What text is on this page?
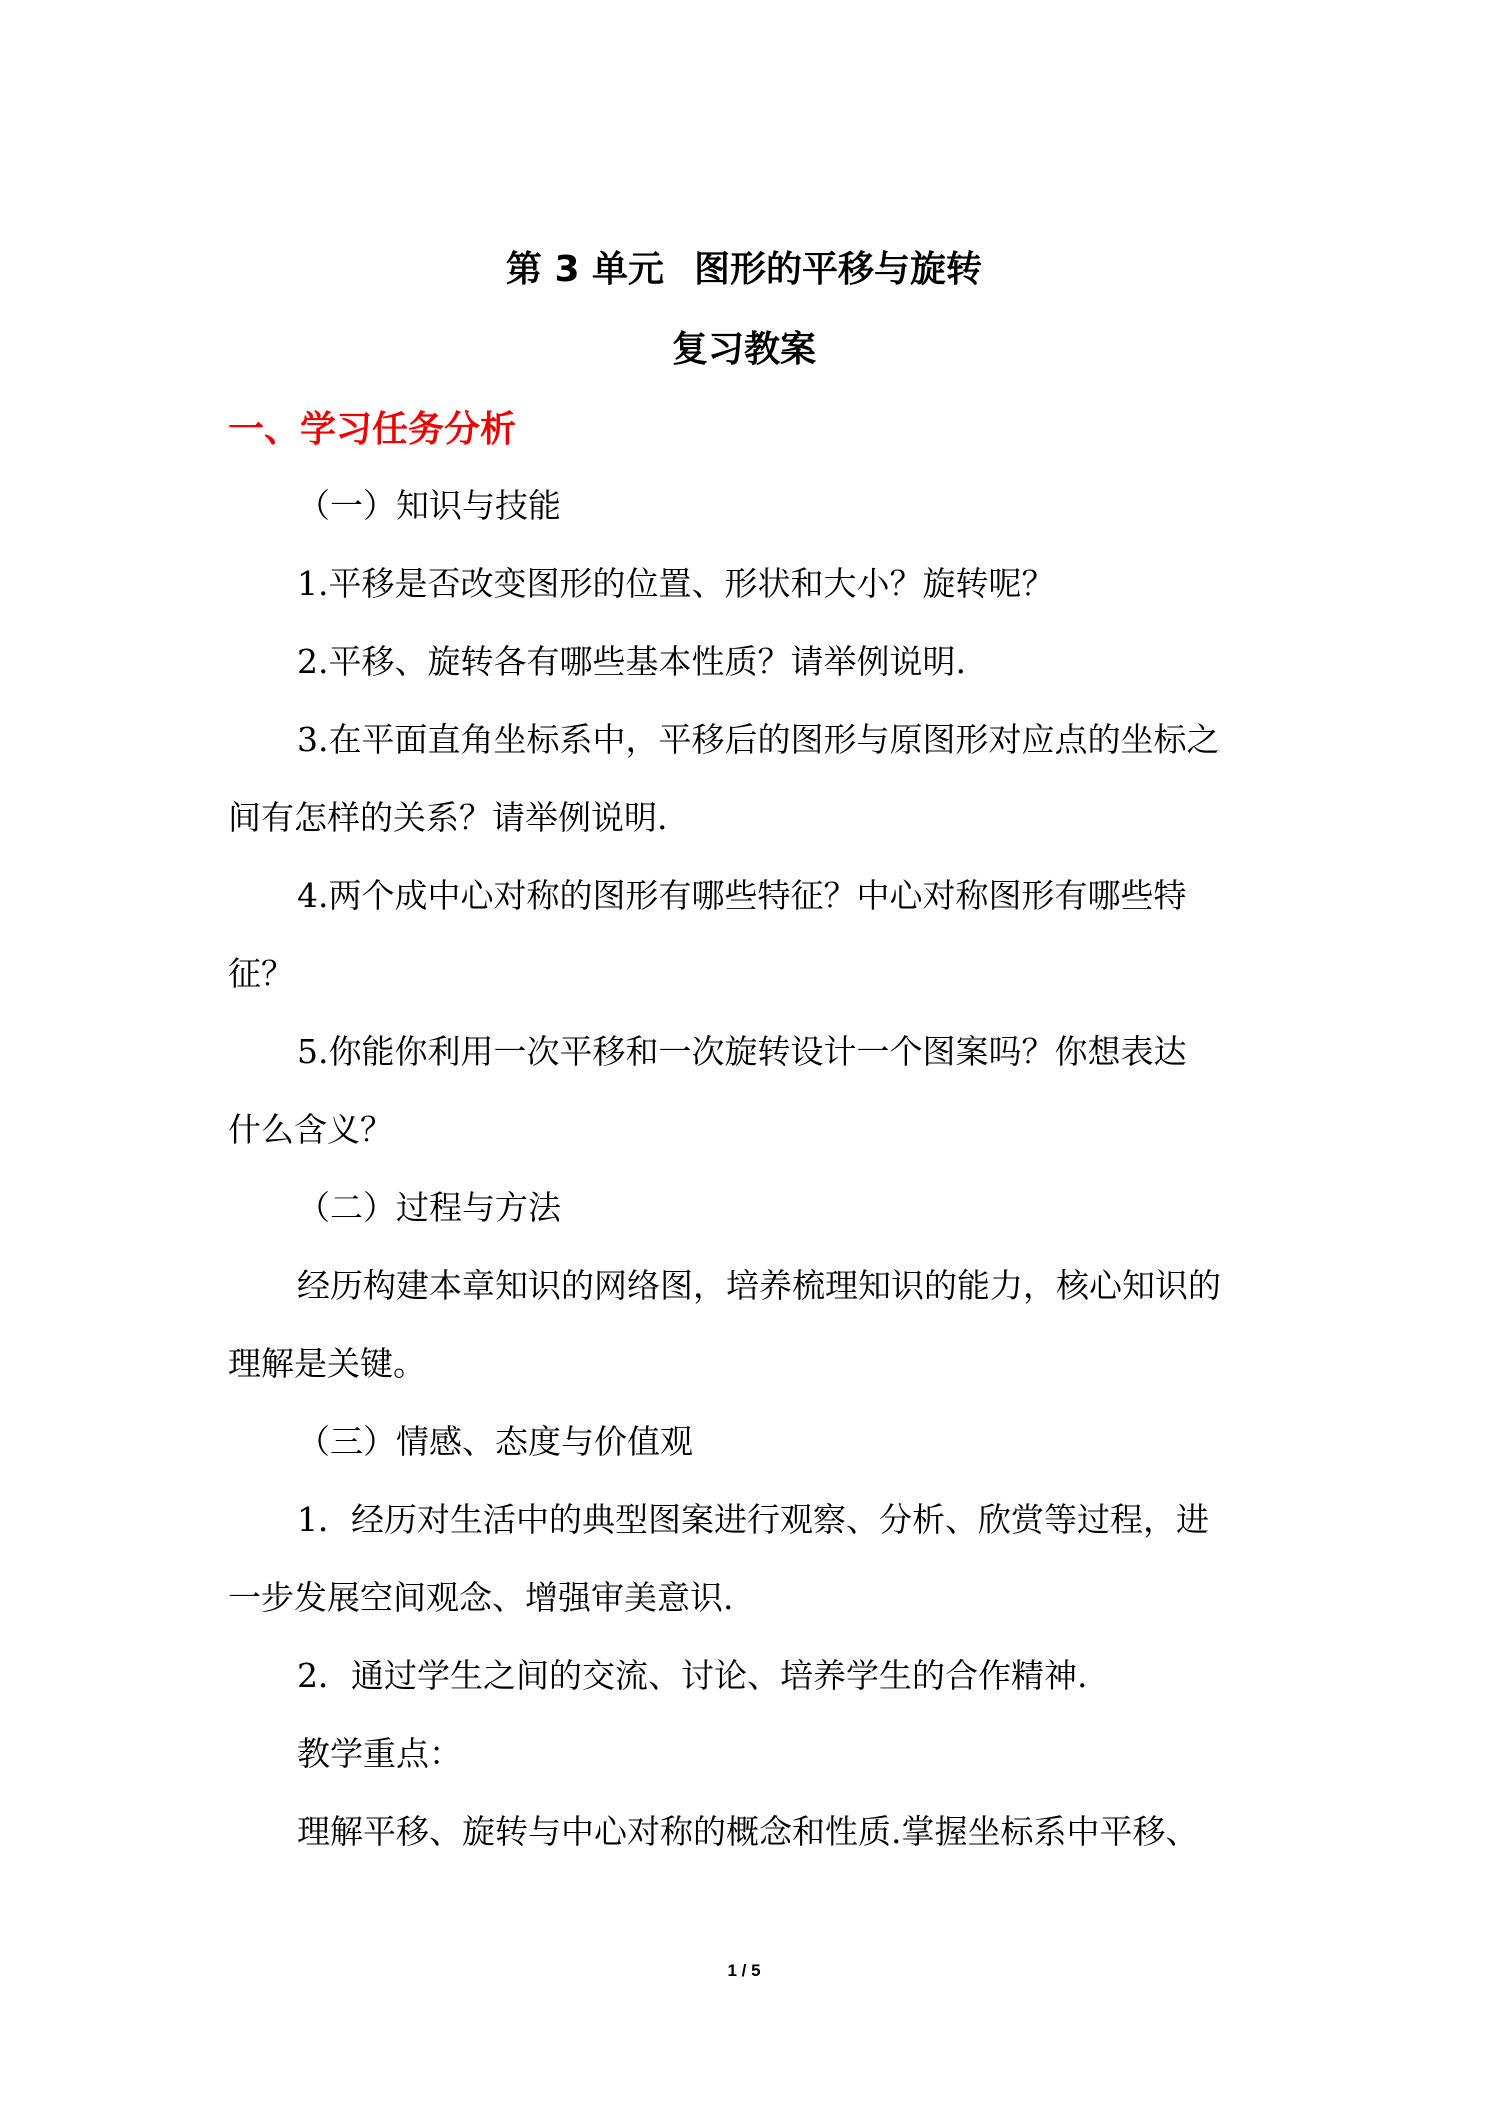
第 3 单元 图形的平移与旋转
复习教案
一、学习任务分析

（一）知识与技能

1.平移是否改变图形的位置、形状和大小？旋转呢？

2.平移、旋转各有哪些基本性质？请举例说明.

3.在平面直角坐标系中，平移后的图形与原图形对应点的坐标之

间有怎样的关系？请举例说明.

4.两个成中心对称的图形有哪些特征？中心对称图形有哪些特

征？

5.你能你利用一次平移和一次旋转设计一个图案吗？你想表达

什么含义？

（二）过程与方法

经历构建本章知识的网络图，培养梳理知识的能力，核心知识的

理解是关键。

（三）情感、态度与价值观

1．经历对生活中的典型图案进行观察、分析、欣赏等过程，进

一步发展空间观念、增强审美意识.

2．通过学生之间的交流、讨论、培养学生的合作精神.

教学重点：

理解平移、旋转与中心对称的概念和性质.掌握坐标系中平移、

1 / 5
